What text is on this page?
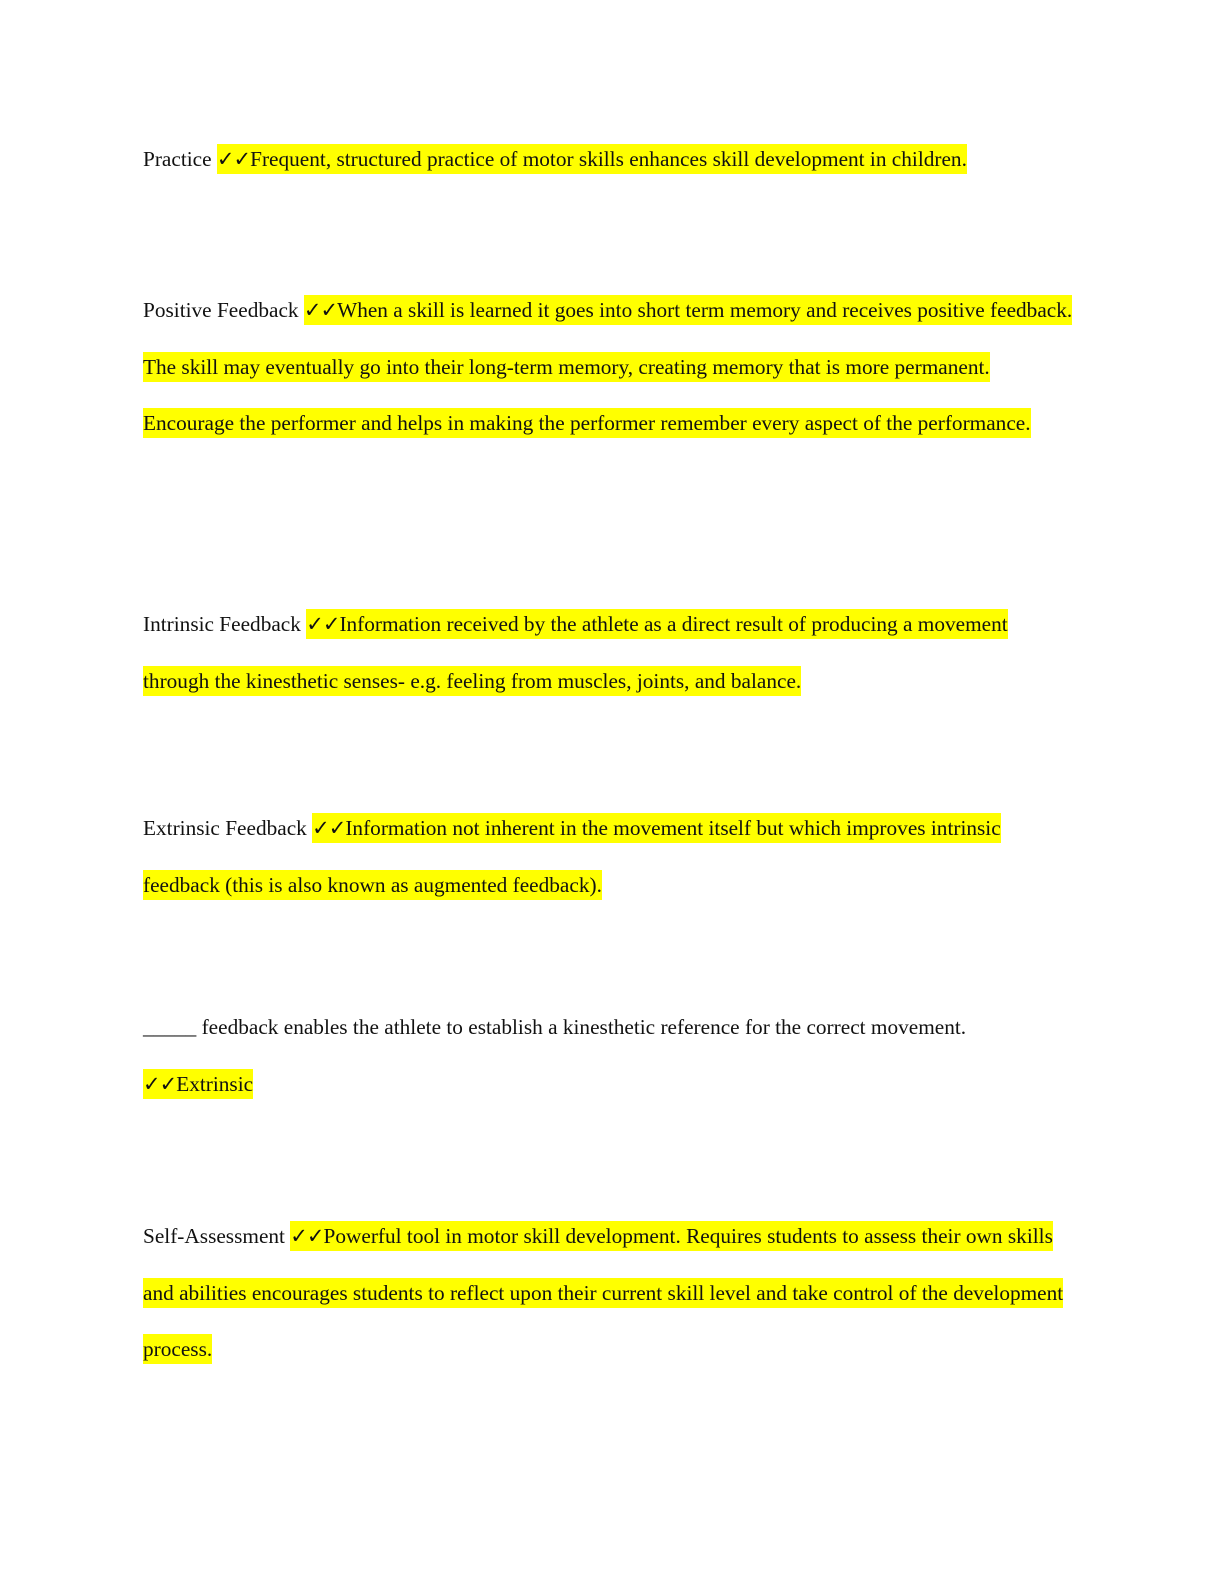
Practice ✓✓Frequent, structured practice of motor skills enhances skill development in children.
Positive Feedback ✓✓When a skill is learned it goes into short term memory and receives positive feedback. The skill may eventually go into their long-term memory, creating memory that is more permanent. Encourage the performer and helps in making the performer remember every aspect of the performance.
Intrinsic Feedback ✓✓Information received by the athlete as a direct result of producing a movement through the kinesthetic senses- e.g. feeling from muscles, joints, and balance.
Extrinsic Feedback ✓✓Information not inherent in the movement itself but which improves intrinsic feedback (this is also known as augmented feedback).
_____ feedback enables the athlete to establish a kinesthetic reference for the correct movement. ✓✓Extrinsic
Self-Assessment ✓✓Powerful tool in motor skill development. Requires students to assess their own skills and abilities encourages students to reflect upon their current skill level and take control of the development process.
